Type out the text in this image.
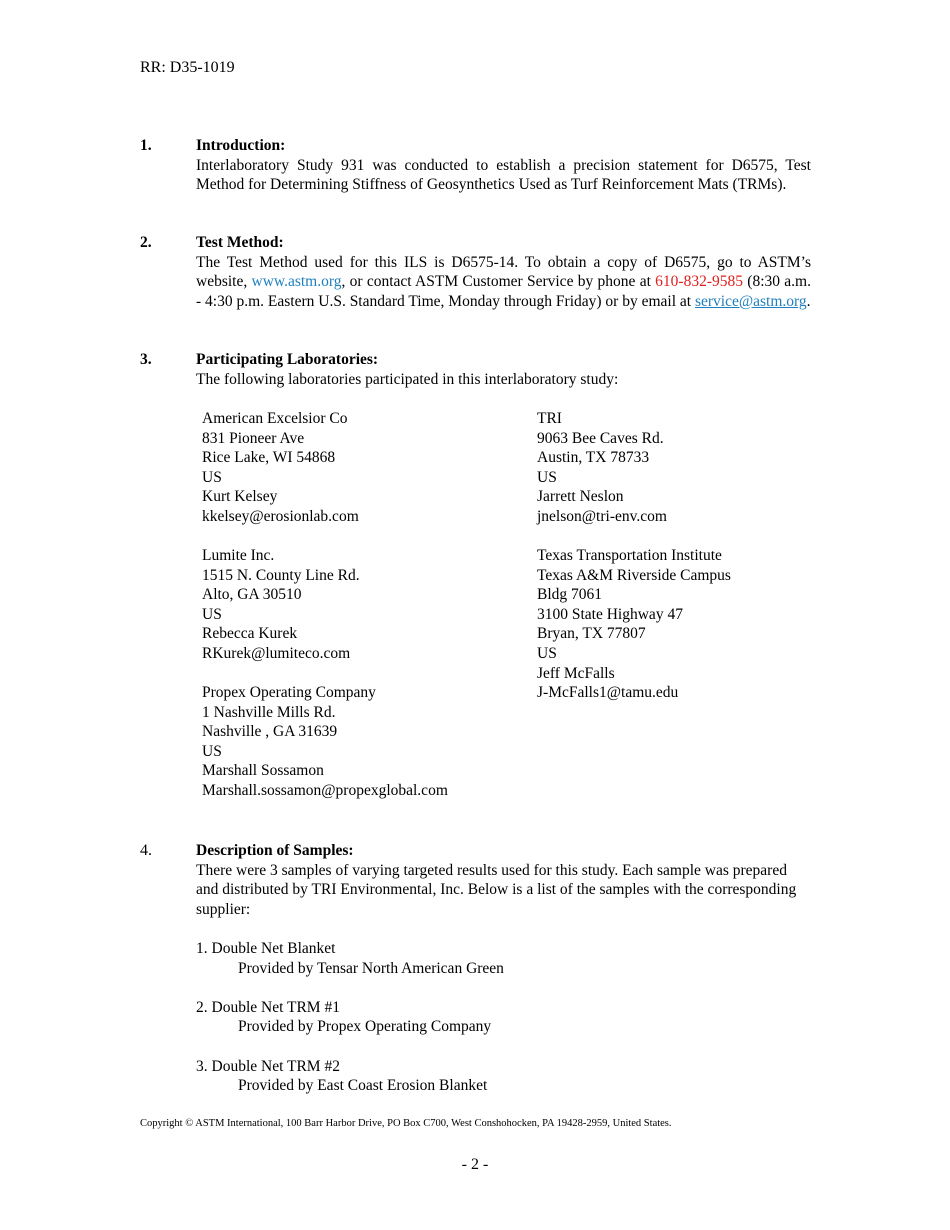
RR: D35-1019
1.	Introduction:
Interlaboratory Study 931 was conducted to establish a precision statement for D6575, Test Method for Determining Stiffness of Geosynthetics Used as Turf Reinforcement Mats (TRMs).
2.	Test Method:
The Test Method used for this ILS is D6575-14. To obtain a copy of D6575, go to ASTM’s website, www.astm.org, or contact ASTM Customer Service by phone at 610-832-9585 (8:30 a.m. - 4:30 p.m. Eastern U.S. Standard Time, Monday through Friday) or by email at service@astm.org.
3.	Participating Laboratories:
The following laboratories participated in this interlaboratory study:
American Excelsior Co
831 Pioneer Ave
Rice Lake, WI 54868
US
Kurt Kelsey
kkelsey@erosionlab.com
Lumite Inc.
1515 N. County Line Rd.
Alto, GA 30510
US
Rebecca Kurek
RKurek@lumiteco.com
Propex Operating Company
1 Nashville Mills Rd.
Nashville , GA 31639
US
Marshall Sossamon
Marshall.sossamon@propexglobal.com
TRI
9063 Bee Caves Rd.
Austin, TX 78733
US
Jarrett Neslon
jnelson@tri-env.com
Texas Transportation Institute
Texas A&M Riverside Campus
Bldg 7061
3100 State Highway 47
Bryan, TX 77807
US
Jeff McFalls
J-McFalls1@tamu.edu
4.	Description of Samples:
There were 3 samples of varying targeted results used for this study. Each sample was prepared and distributed by TRI Environmental, Inc. Below is a list of the samples with the corresponding supplier:
1. Double Net Blanket
Provided by Tensar North American Green
2. Double Net TRM #1
Provided by Propex Operating Company
3. Double Net TRM #2
Provided by East Coast Erosion Blanket
Copyright © ASTM International, 100 Barr Harbor Drive, PO Box C700, West Conshohocken, PA 19428-2959, United States.
- 2 -
